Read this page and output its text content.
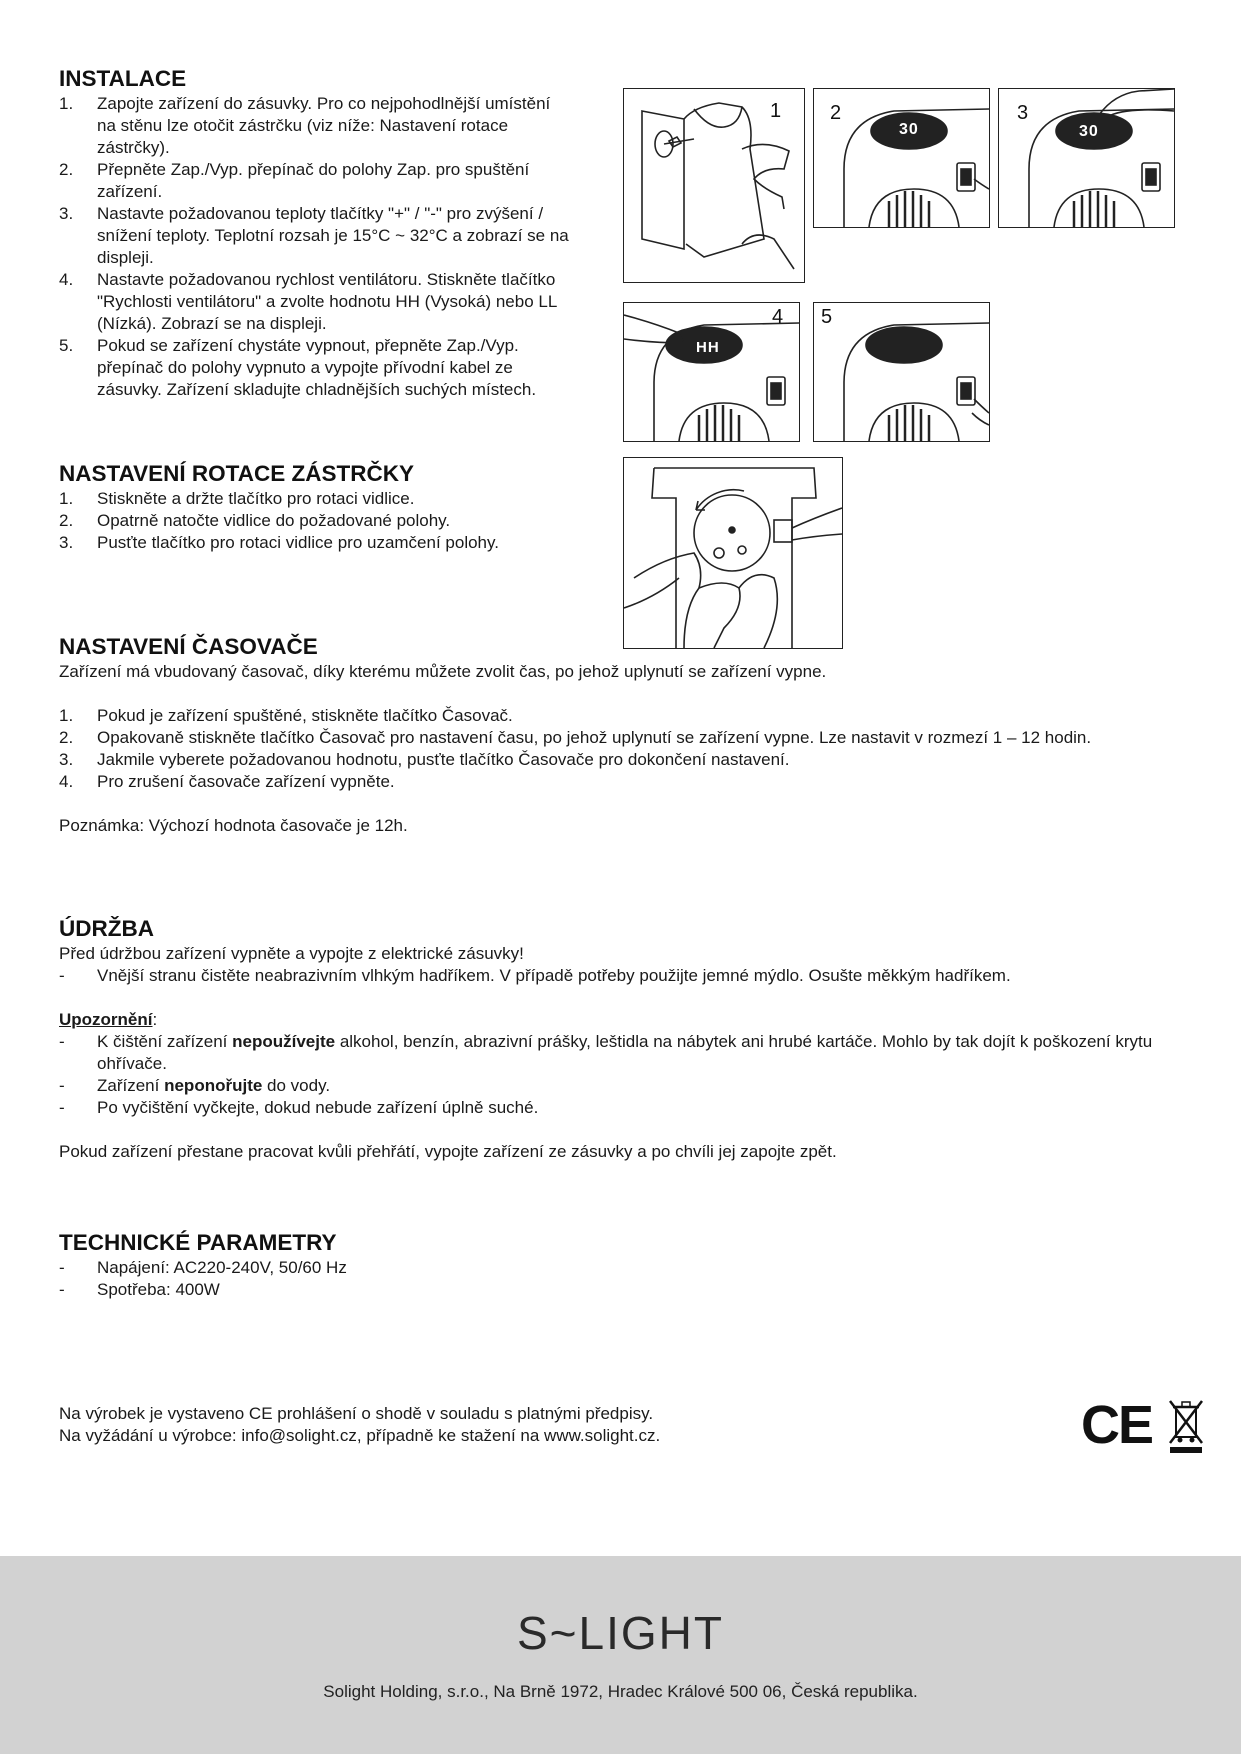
INSTALACE
1.	Zapojte zařízení do zásuvky. Pro co nejpohodlnější umístění na stěnu lze otočit zástrčku (viz níže: Nastavení rotace zástrčky).
2.	Přepněte Zap./Vyp. přepínač do polohy Zap. pro spuštění zařízení.
3.	Nastavte požadovanou teploty tlačítky "+" / "-" pro zvýšení / snížení teploty. Teplotní rozsah je 15°C ~ 32°C a zobrazí se na displeji.
4.	Nastavte požadovanou rychlost ventilátoru. Stiskněte tlačítko "Rychlosti ventilátoru" a zvolte hodnotu HH (Vysoká) nebo LL (Nízká). Zobrazí se na displeji.
5.	Pokud se zařízení chystáte vypnout, přepněte Zap./Vyp. přepínač do polohy vypnuto a vypojte přívodní kabel ze zásuvky. Zařízení skladujte chladnějších suchých místech.
NASTAVENÍ ROTACE ZÁSTRČKY
1.	Stiskněte a držte tlačítko pro rotaci vidlice.
2.	Opatrně natočte vidlice do požadované polohy.
3.	Pusťte tlačítko pro rotaci vidlice pro uzamčení polohy.
NASTAVENÍ ČASOVAČE

Zařízení má vbudovaný časovač, díky kterému můžete zvolit čas, po jehož uplynutí se zařízení vypne.

1.	Pokud je zařízení spuštěné, stiskněte tlačítko Časovač.
2.	Opakovaně stiskněte tlačítko Časovač pro nastavení času, po jehož uplynutí se zařízení vypne. Lze nastavit v rozmezí 1 – 12 hodin.
3.	Jakmile vyberete požadovanou hodnotu, pusťte tlačítko Časovače pro dokončení nastavení.
4.	Pro zrušení časovače zařízení vypněte.

Poznámka: Výchozí hodnota časovače je 12h.

ÚDRŽBA

Před údržbou zařízení vypněte a vypojte z elektrické zásuvky!

-	Vnější stranu čistěte neabrazivním vlhkým hadříkem. V případě potřeby použijte jemné mýdlo. Osušte měkkým hadříkem.

Upozornění:

-	K čištění zařízení nepoužívejte alkohol, benzín, abrazivní prášky, leštidla na nábytek ani hrubé kartáče. Mohlo by tak dojít k poškození krytu ohřívače.
-	Zařízení neponořujte do vody.
-	Po vyčištění vyčkejte, dokud nebude zařízení úplně suché.

Pokud zařízení přestane pracovat kvůli přehřátí, vypojte zařízení ze zásuvky a po chvíli jej zapojte zpět.

TECHNICKÉ PARAMETRY
-	Napájení: AC220-240V, 50/60 Hz
-	Spotřeba: 400W

Na výrobek je vystaveno CE prohlášení o shodě v souladu s platnými předpisy.

Na vyžádání u výrobce: info@solight.cz, případně ke stažení na www.solight.cz.	CE
1
30
2
30
3
HH
4 5
S~LIGHT
Solight Holding, s.r.o., Na Brně 1972, Hradec Králové 500 06, Česká republika.
